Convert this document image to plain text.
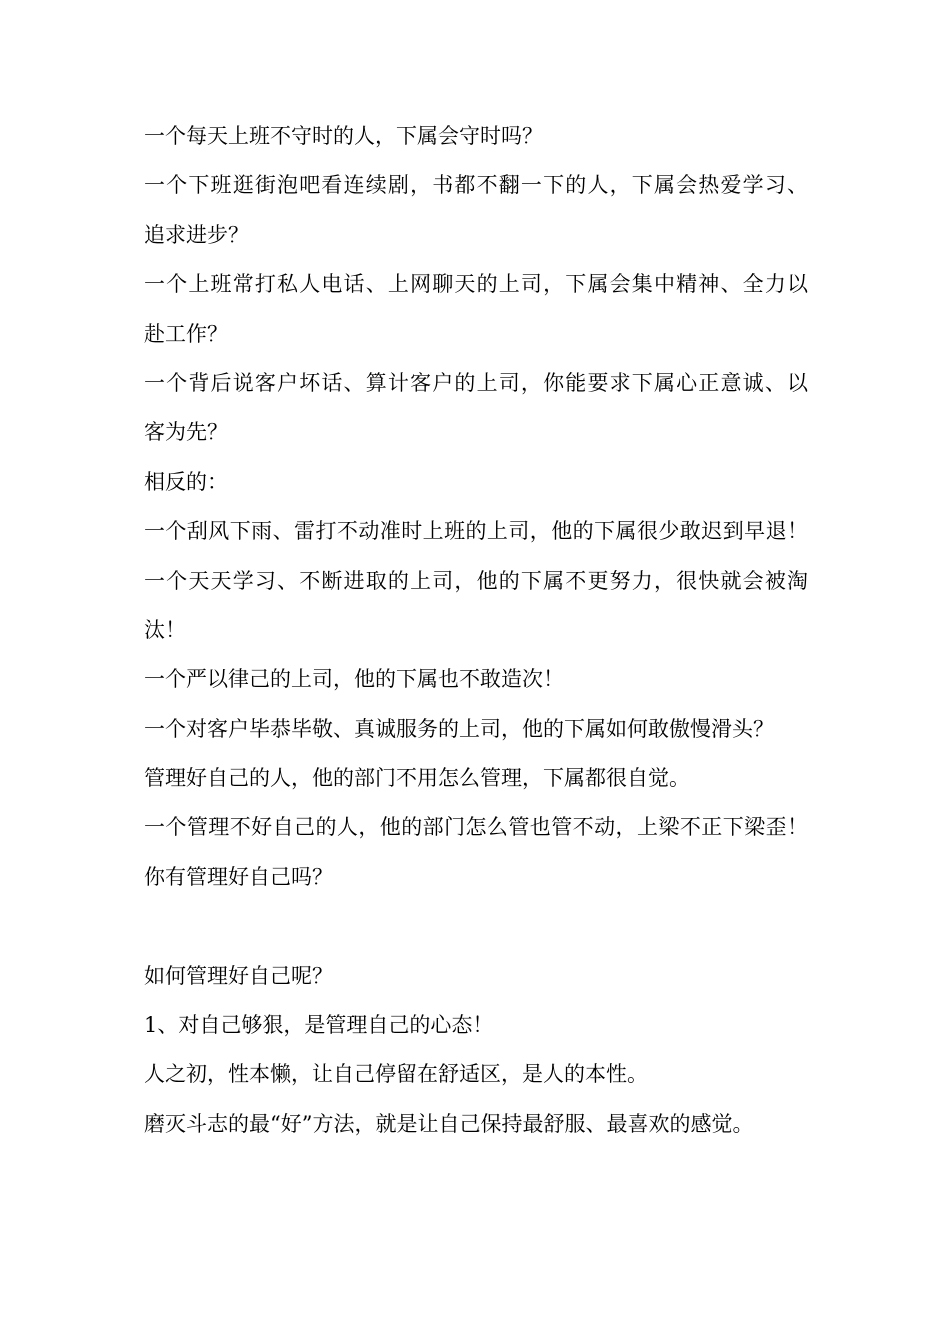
一个每天上班不守时的人，下属会守时吗？
一个下班逛街泡吧看连续剧，书都不翻一下的人，下属会热爱学习、
追求进步？
一个上班常打私人电话、上网聊天的上司，下属会集中精神、全力以
赴工作？
一个背后说客户坏话、算计客户的上司，你能要求下属心正意诚、以
客为先？
相反的：
一个刮风下雨、雷打不动准时上班的上司，他的下属很少敢迟到早退！
一个天天学习、不断进取的上司，他的下属不更努力，很快就会被淘
汰！
一个严以律己的上司，他的下属也不敢造次！
一个对客户毕恭毕敬、真诚服务的上司，他的下属如何敢傲慢滑头？
管理好自己的人，他的部门不用怎么管理，下属都很自觉。
一个管理不好自己的人，他的部门怎么管也管不动，上梁不正下梁歪！
你有管理好自己吗？
如何管理好自己呢？
1、对自己够狠，是管理自己的心态！
人之初，性本懒，让自己停留在舒适区，是人的本性。
磨灭斗志的最“好”方法，就是让自己保持最舒服、最喜欢的感觉。
